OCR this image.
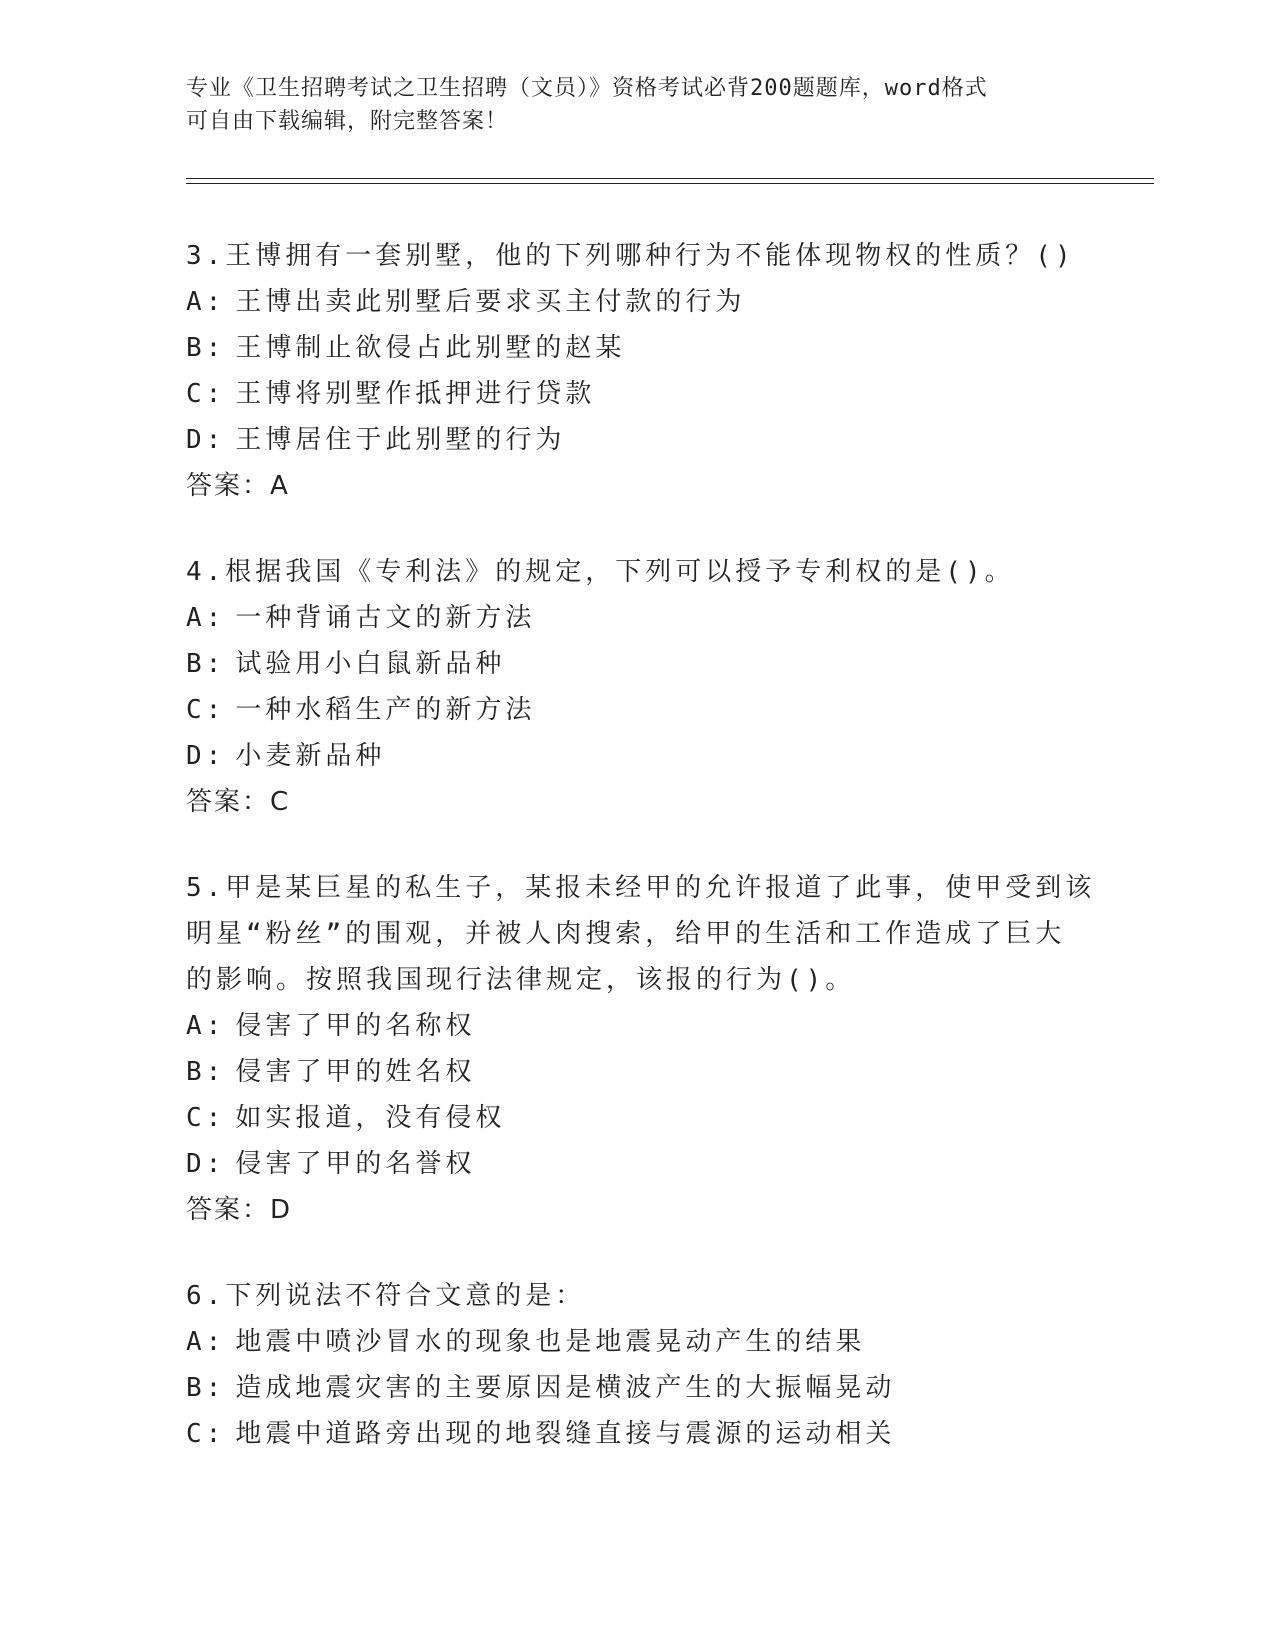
专业《卫生招聘考试之卫生招聘（文员）》资格考试必背200题题库，word格式
可自由下载编辑，附完整答案！
3.王博拥有一套别墅，他的下列哪种行为不能体现物权的性质？()
A: 王博出卖此别墅后要求买主付款的行为
B: 王博制止欲侵占此别墅的赵某
C: 王博将别墅作抵押进行贷款
D: 王博居住于此别墅的行为
答案：A
4.根据我国《专利法》的规定，下列可以授予专利权的是()。
A: 一种背诵古文的新方法
B: 试验用小白鼠新品种
C: 一种水稻生产的新方法
D: 小麦新品种
答案：C
5.甲是某巨星的私生子，某报未经甲的允许报道了此事，使甲受到该
明星“粉丝”的围观，并被人肉搜索，给甲的生活和工作造成了巨大
的影响。按照我国现行法律规定，该报的行为()。
A: 侵害了甲的名称权
B: 侵害了甲的姓名权
C: 如实报道，没有侵权
D: 侵害了甲的名誉权
答案：D
6.下列说法不符合文意的是：
A: 地震中喷沙冒水的现象也是地震晃动产生的结果
B: 造成地震灾害的主要原因是横波产生的大振幅晃动
C: 地震中道路旁出现的地裂缝直接与震源的运动相关
